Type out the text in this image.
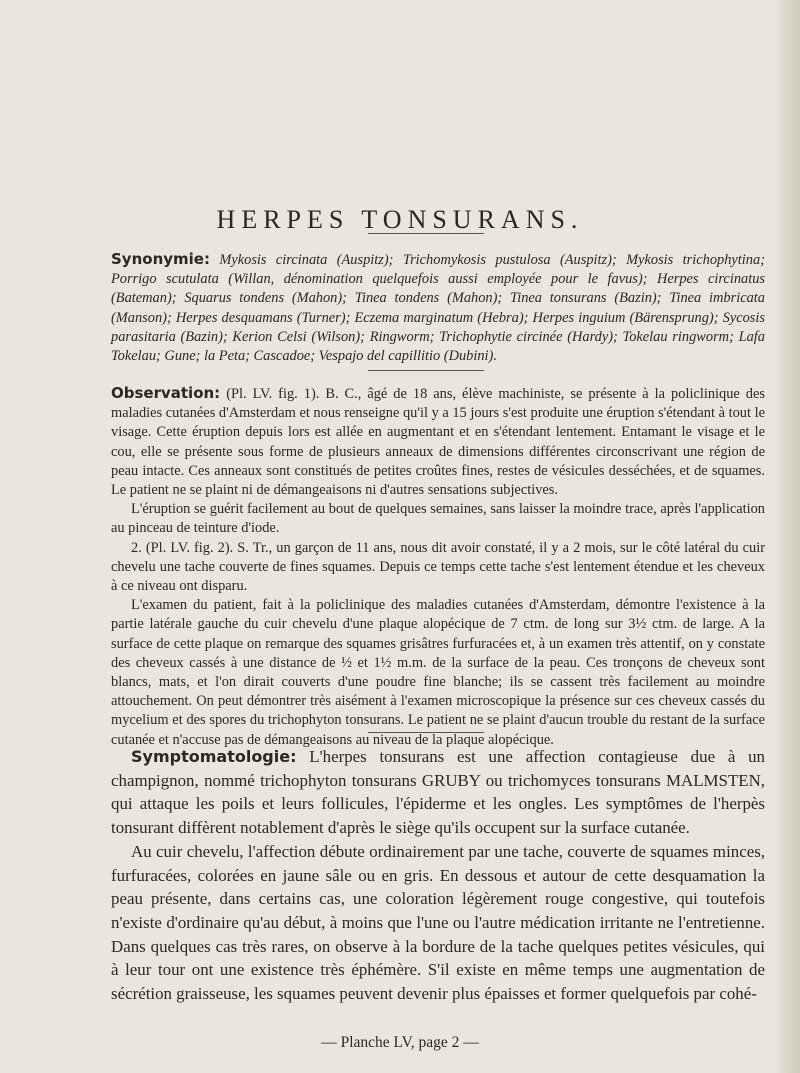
HERPES TONSURANS.

Synonymie: Mykosis circinata (Auspitz); Trichomykosis pustulosa (Auspitz); Mykosis trichophytina; Porrigo scutulata (Willan, dénomination quelquefois aussi employée pour le favus); Herpes circinatus (Bateman); Squarus tondens (Mahon); Tinea tondens (Mahon); Tinea tonsurans (Bazin); Tinea imbricata (Manson); Herpes desquamans (Turner); Eczema marginatum (Hebra); Herpes inguium (Bärensprung); Sycosis parasitaria (Bazin); Kerion Celsi (Wilson); Ringworm; Trichophytie circinée (Hardy); Tokelau ringworm; Lafa Tokelau; Gune; la Peta; Cascadoe; Vespajo del capillitio (Dubini).

Observation: (Pl. LV. fig. 1). B. C., âgé de 18 ans, élève machiniste, se présente à la policlinique des maladies cutanées d'Amsterdam et nous renseigne qu'il y a 15 jours s'est produite une éruption s'étendant à tout le visage. Cette éruption depuis lors est allée en augmentant et en s'étendant lentement. Entamant le visage et le cou, elle se présente sous forme de plusieurs anneaux de dimensions différentes circonscrivant une région de peau intacte. Ces anneaux sont constitués de petites croûtes fines, restes de vésicules desséchées, et de squames. Le patient ne se plaint ni de démangeaisons ni d'autres sensations subjectives.

L'éruption se guérit facilement au bout de quelques semaines, sans laisser la moindre trace, après l'application au pinceau de teinture d'iode.

2. (Pl. LV. fig. 2). S. Tr., un garçon de 11 ans, nous dit avoir constaté, il y a 2 mois, sur le côté latéral du cuir chevelu une tache couverte de fines squames. Depuis ce temps cette tache s'est lentement étendue et les cheveux à ce niveau ont disparu.

L'examen du patient, fait à la policlinique des maladies cutanées d'Amsterdam, démontre l'existence à la partie latérale gauche du cuir chevelu d'une plaque alopécique de 7 ctm. de long sur 3½ ctm. de large. A la surface de cette plaque on remarque des squames grisâtres furfuracées et, à un examen très attentif, on y constate des cheveux cassés à une distance de ½ et 1½ m.m. de la surface de la peau. Ces tronçons de cheveux sont blancs, mats, et l'on dirait couverts d'une poudre fine blanche; ils se cassent très facilement au moindre attouchement. On peut démontrer très aisément à l'examen microscopique la présence sur ces cheveux cassés du mycelium et des spores du trichophyton tonsurans. Le patient ne se plaint d'aucun trouble du restant de la surface cutanée et n'accuse pas de démangeaisons au niveau de la plaque alopécique.

Symptomatologie: L'herpes tonsurans est une affection contagieuse due à un champignon, nommé trichophyton tonsurans GRUBY ou trichomyces tonsurans MALMSTEN, qui attaque les poils et leurs follicules, l'épiderme et les ongles. Les symptômes de l'herpès tonsurant diffèrent notablement d'après le siège qu'ils occupent sur la surface cutanée.

Au cuir chevelu, l'affection débute ordinairement par une tache, couverte de squames minces, furfuracées, colorées en jaune sâle ou en gris. En dessous et autour de cette desquamation la peau présente, dans certains cas, une coloration légèrement rouge congestive, qui toutefois n'existe d'ordinaire qu'au début, à moins que l'une ou l'autre médication irritante ne l'entretienne. Dans quelques cas très rares, on observe à la bordure de la tache quelques petites vésicules, qui à leur tour ont une existence très éphémère. S'il existe en même temps une augmentation de sécrétion graisseuse, les squames peuvent devenir plus épaisses et former quelquefois par cohé-

— Planche LV, page 2 —
